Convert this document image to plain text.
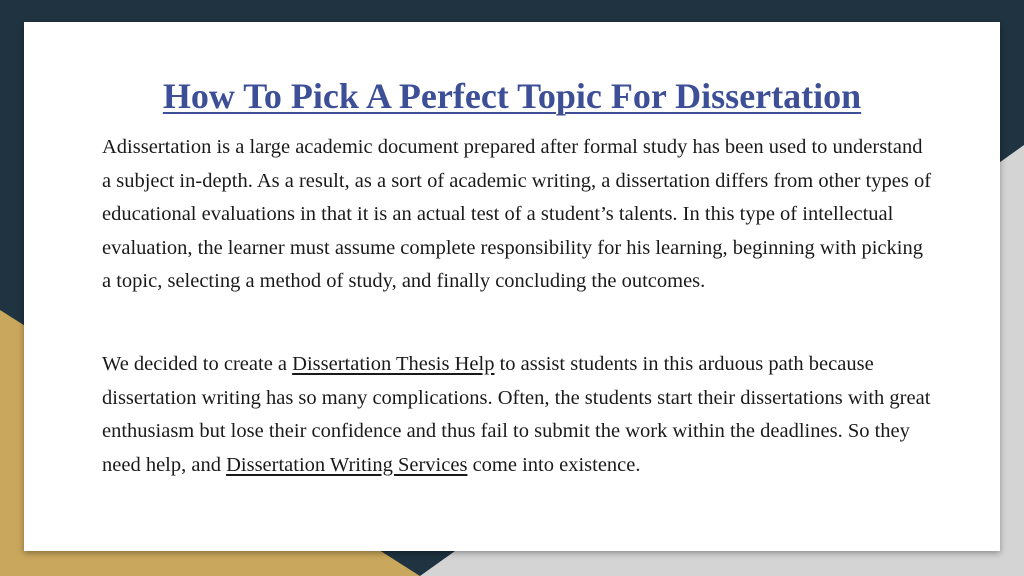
How To Pick A Perfect Topic For Dissertation

Adissertation is a large academic document prepared after formal study has been used to understand a subject in-depth. As a result, as a sort of academic writing, a dissertation differs from other types of educational evaluations in that it is an actual test of a student’s talents. In this type of intellectual evaluation, the learner must assume complete responsibility for his learning, beginning with picking a topic, selecting a method of study, and finally concluding the outcomes.

We decided to create a Dissertation Thesis Help to assist students in this arduous path because dissertation writing has so many complications. Often, the students start their dissertations with great enthusiasm but lose their confidence and thus fail to submit the work within the deadlines. So they need help, and Dissertation Writing Services come into existence.
